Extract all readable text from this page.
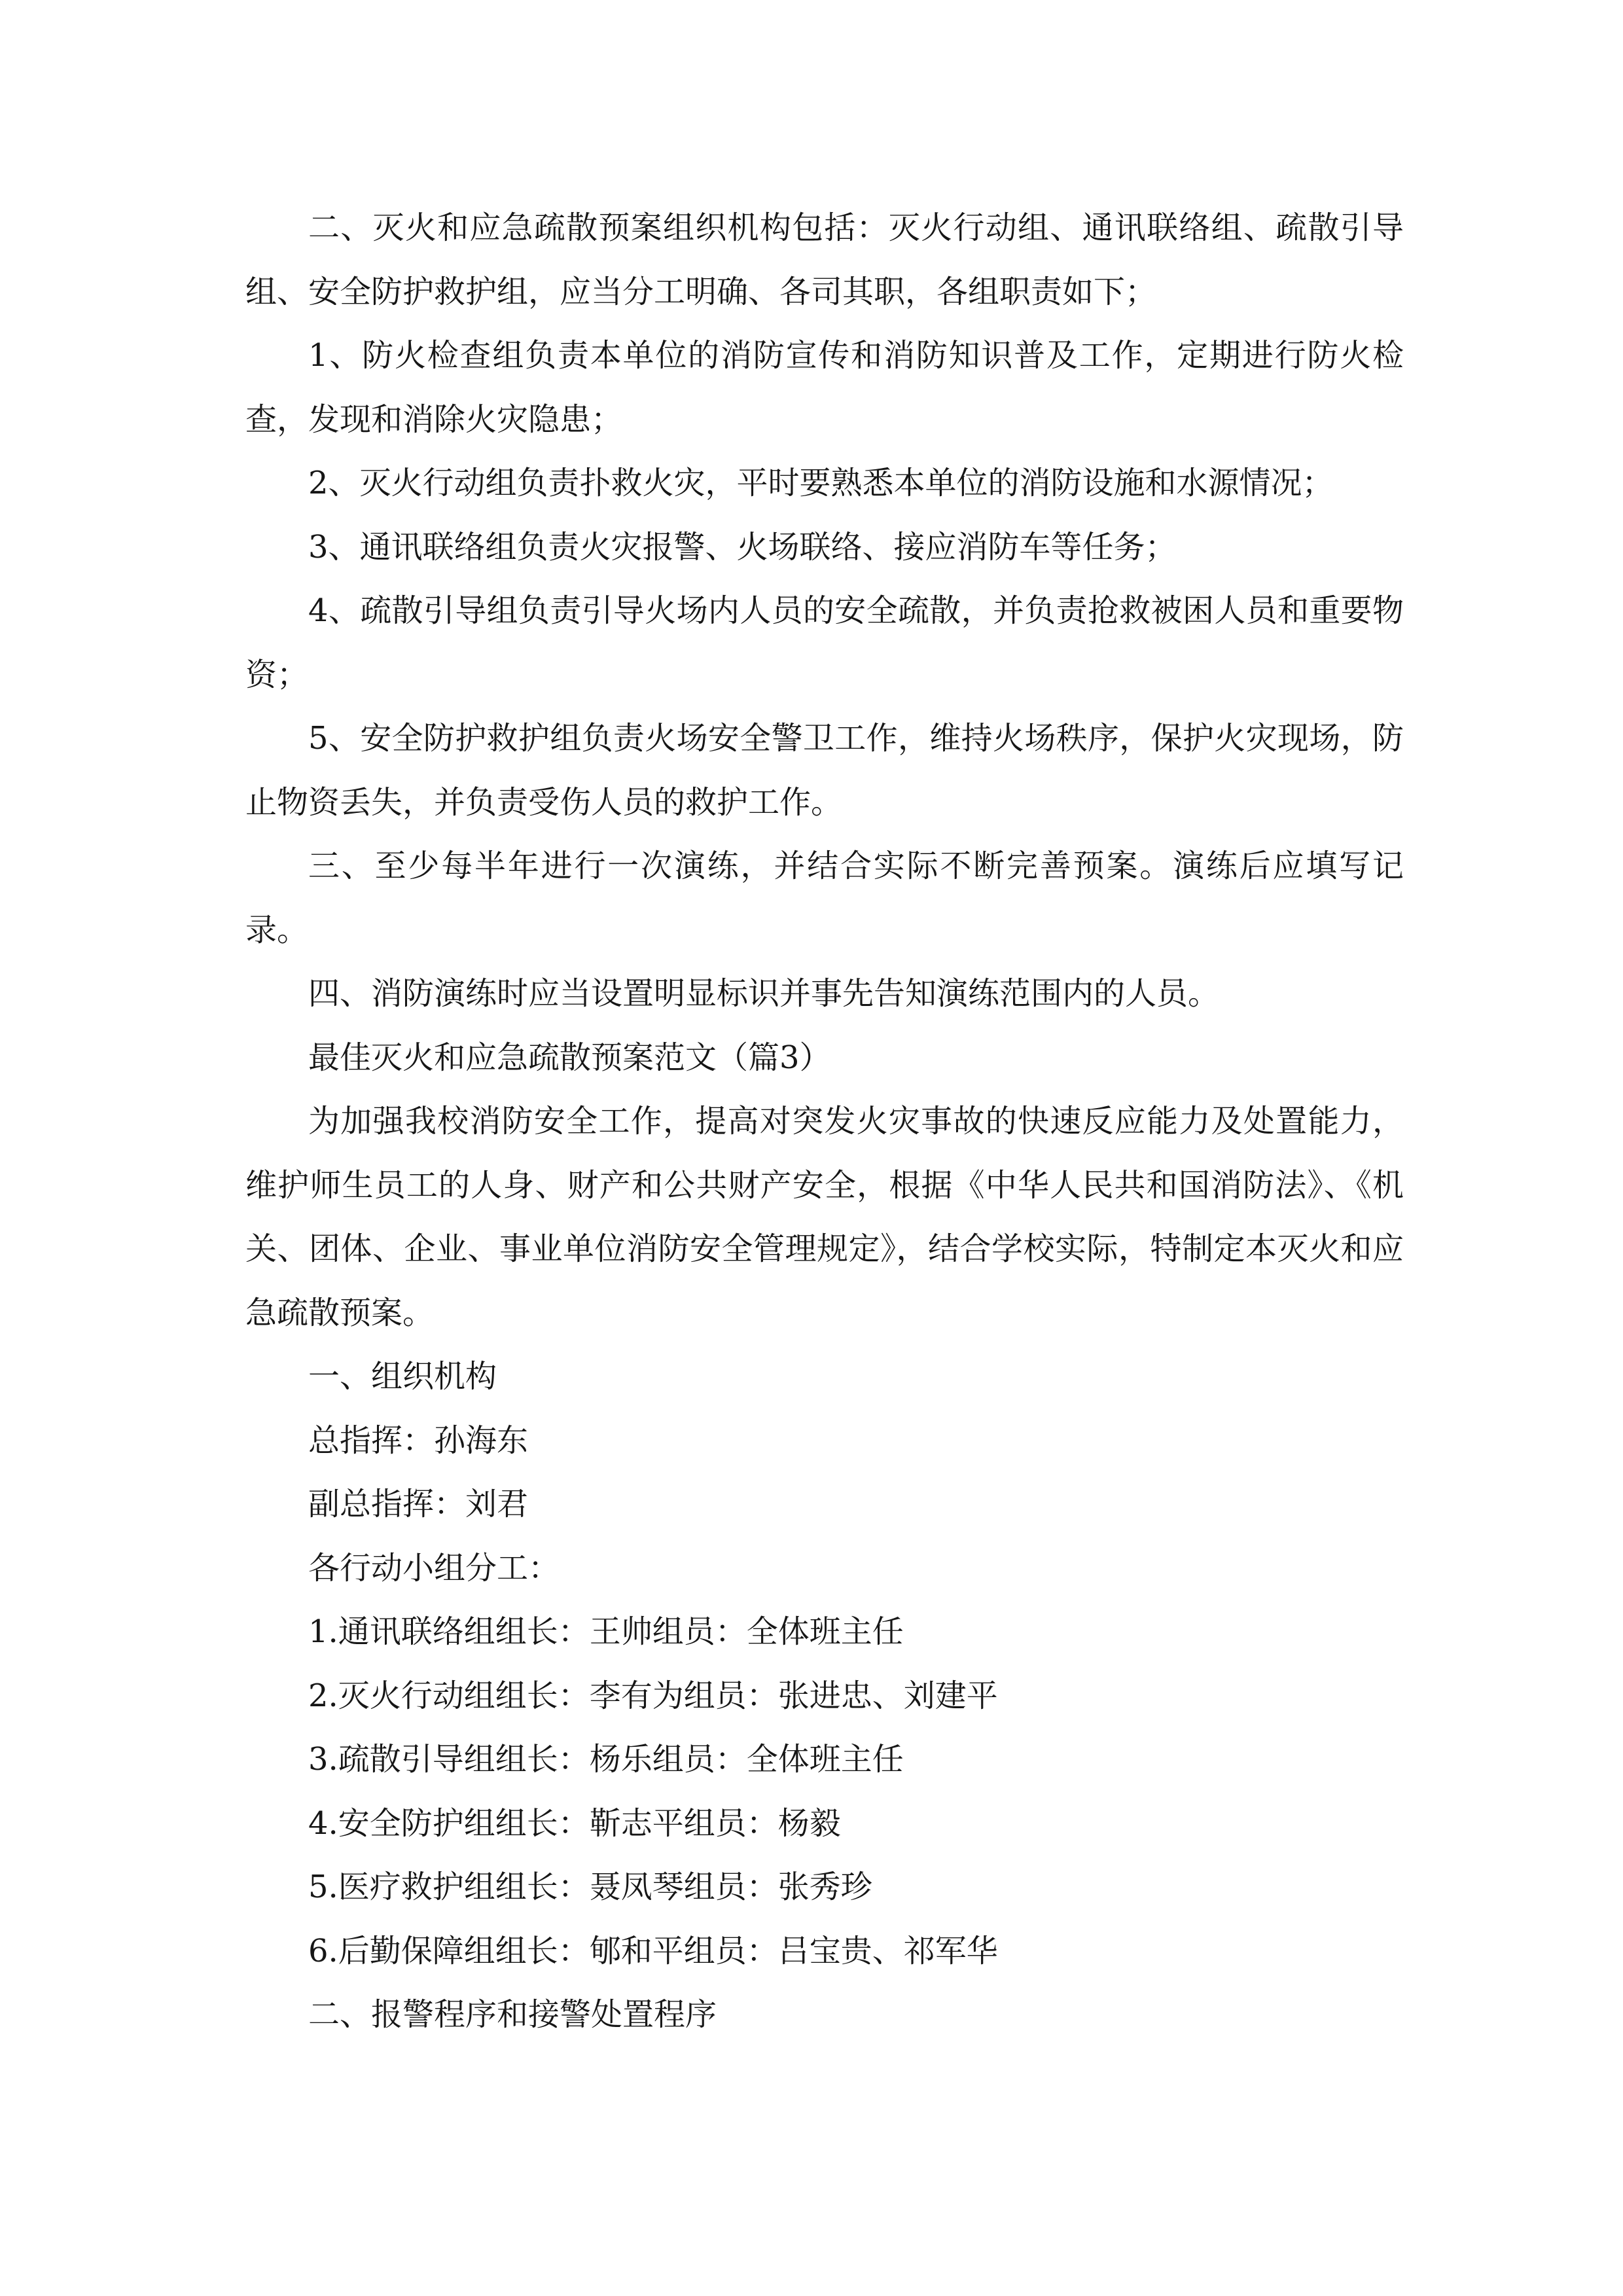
二、灭火和应急疏散预案组织机构包括：灭火行动组、通讯联络组、疏散引导组、安全防护救护组，应当分工明确、各司其职，各组职责如下；

1、防火检查组负责本单位的消防宣传和消防知识普及工作，定期进行防火检查，发现和消除火灾隐患；

2、灭火行动组负责扑救火灾，平时要熟悉本单位的消防设施和水源情况；

3、通讯联络组负责火灾报警、火场联络、接应消防车等任务；

4、疏散引导组负责引导火场内人员的安全疏散，并负责抢救被困人员和重要物资；

5、安全防护救护组负责火场安全警卫工作，维持火场秩序，保护火灾现场，防止物资丢失，并负责受伤人员的救护工作。

三、至少每半年进行一次演练，并结合实际不断完善预案。演练后应填写记录。

四、消防演练时应当设置明显标识并事先告知演练范围内的人员。

最佳灭火和应急疏散预案范文（篇3）

为加强我校消防安全工作，提高对突发火灾事故的快速反应能力及处置能力，维护师生员工的人身、财产和公共财产安全，根据《中华人民共和国消防法》、《机关、团体、企业、事业单位消防安全管理规定》，结合学校实际，特制定本灭火和应急疏散预案。

一、组织机构

总指挥：孙海东

副总指挥：刘君

各行动小组分工：

1.通讯联络组组长：王帅组员：全体班主任

2.灭火行动组组长：李有为组员：张进忠、刘建平

3.疏散引导组组长：杨乐组员：全体班主任

4.安全防护组组长：靳志平组员：杨毅

5.医疗救护组组长：聂凤琴组员：张秀珍

6.后勤保障组组长：郇和平组员：吕宝贵、祁军华

二、报警程序和接警处置程序
